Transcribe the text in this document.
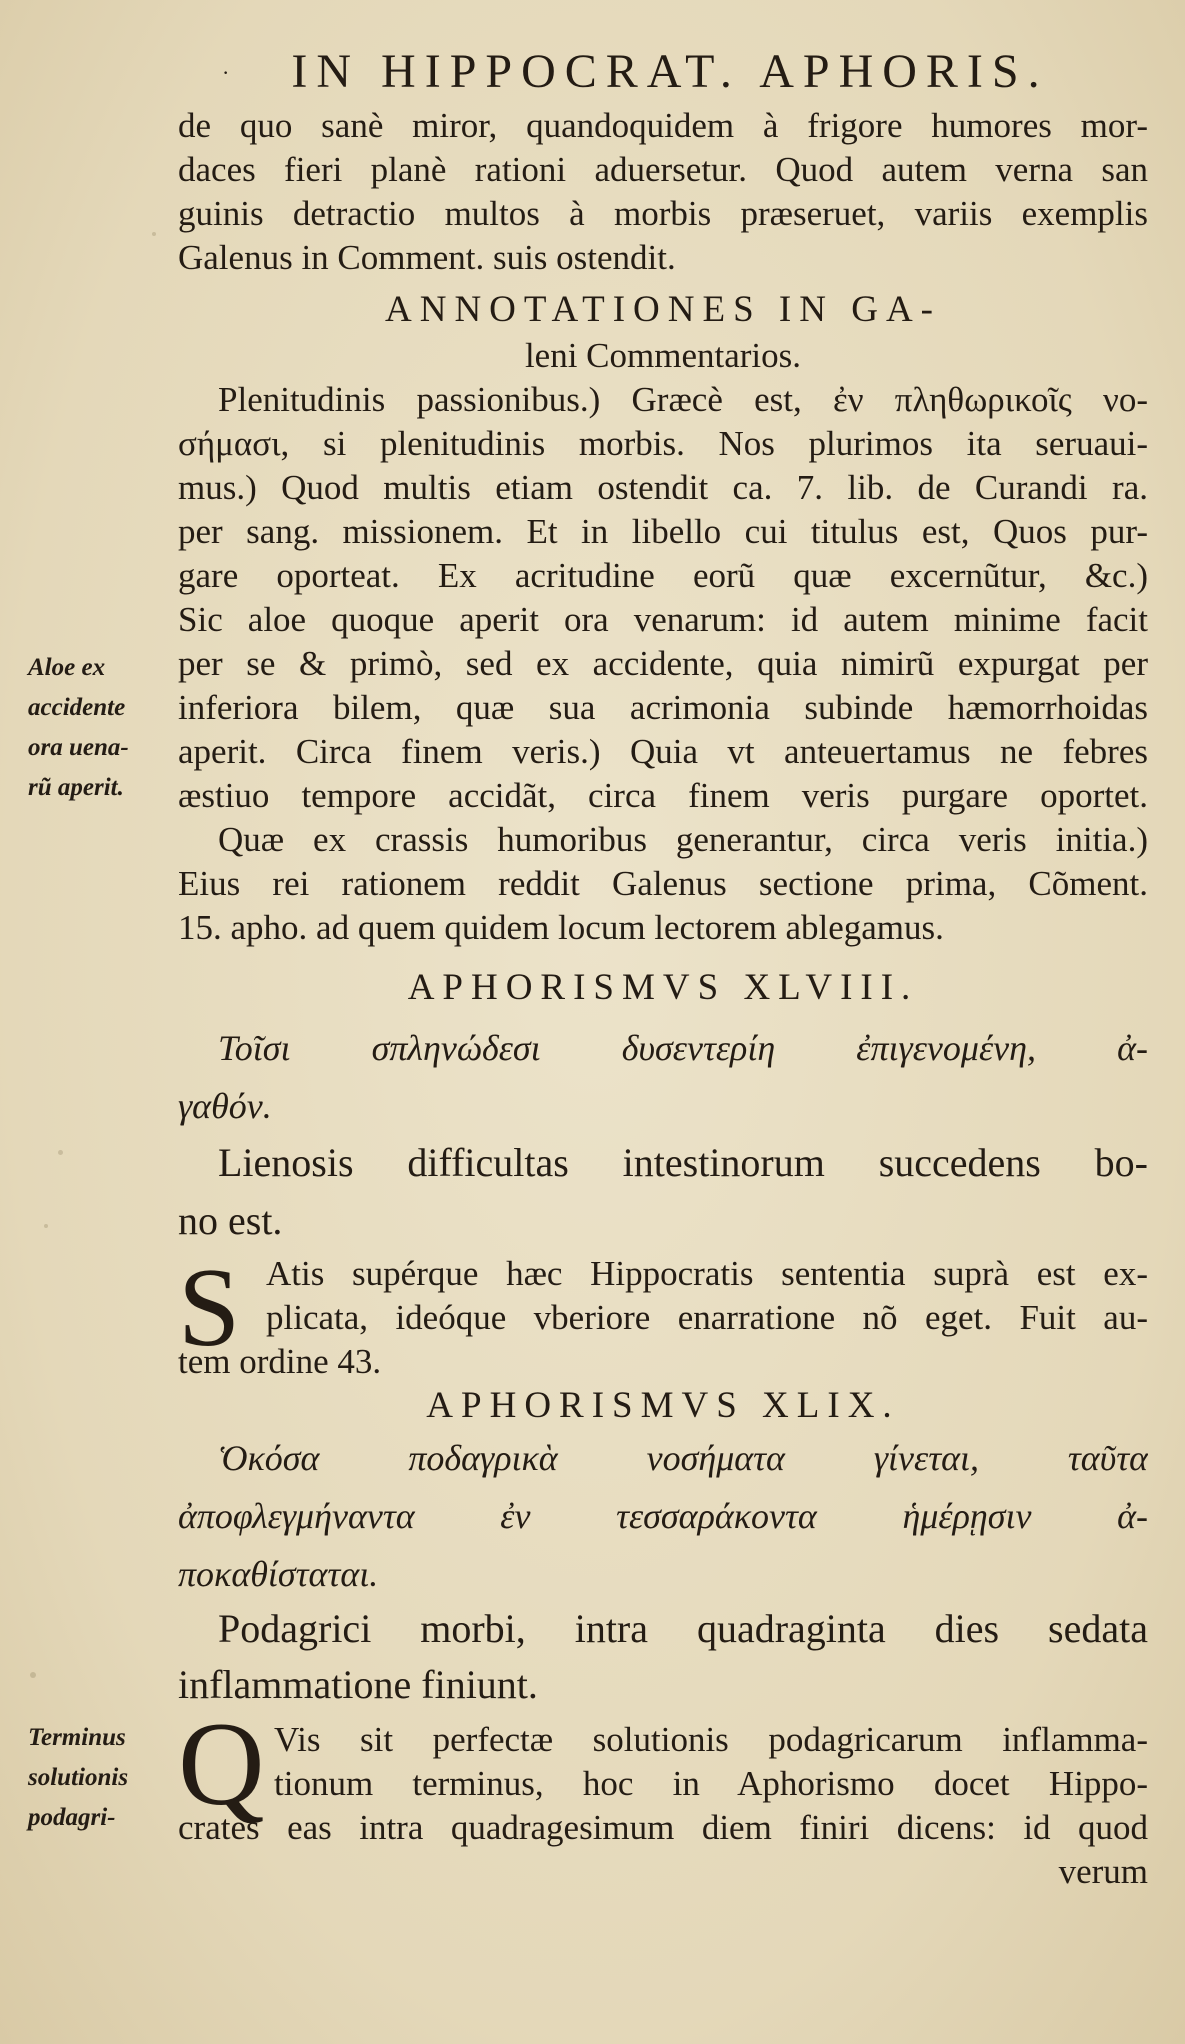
·	IN HIPPOCRAT. APHORIS.
de quo sanè miror, quandoquidem à frigore humores mor-
daces fieri planè rationi aduersetur. Quod autem verna san
guinis detractio multos à morbis præseruet, variis exemplis
Galenus in Comment. suis ostendit.
ANNOTATIONES IN GA-
leni Commentarios.
Plenitudinis passionibus.) Græcè est, ἐν πληθωρικοῖς νο-
σήμασι, si plenitudinis morbis. Nos plurimos ita seruaui-
mus.) Quod multis etiam ostendit ca. 7. lib. de Curandi ra.
per sang. missionem. Et in libello cui titulus est, Quos pur-
gare oporteat. Ex acritudine eorũ quæ excernũtur, &c.)
Sic aloe quoque aperit ora venarum: id autem minime facit
per se & primò, sed ex accidente, quia nimirũ expurgat per
inferiora bilem, quæ sua acrimonia subinde hæmorrhoidas
aperit. Circa finem veris.) Quia vt anteuertamus ne febres
æstiuo tempore accidãt, circa finem veris purgare oportet.
Quæ ex crassis humoribus generantur, circa veris initia.)
Eius rei rationem reddit Galenus sectione prima, Cõment.
15. apho. ad quem quidem locum lectorem ablegamus.
APHORISMVS XLVIII.
Τοῖσι σπληνώδεσι δυσεντερίη ἐπιγενομένη, ἀ-
γαθόν.
Lienosis difficultas intestinorum succedens bo-
no est.
S Atis supérque hæc Hippocratis sententia suprà est ex-
plicata, ideóque vberiore enarratione nõ eget. Fuit au-
tem ordine 43.
APHORISMVS XLIX.
Ὁκόσα ποδαγρικὰ νοσήματα γίνεται, ταῦτα
ἀποφλεγμήναντα ἐν τεσσαράκοντα ἡμέρῃσιν ἀ-
ποκαθίσταται.
Podagrici morbi, intra quadraginta dies sedata
inflammatione finiunt.
Q Vis sit perfectæ solutionis podagricarum inflamma-
tionum terminus, hoc in Aphorismo docet Hippo-
crates eas intra quadragesimum diem finiri dicens: id quod
verum
Aloe ex
accidente
ora uena-
rũ aperit.
Terminus
solutionis
podagri-
